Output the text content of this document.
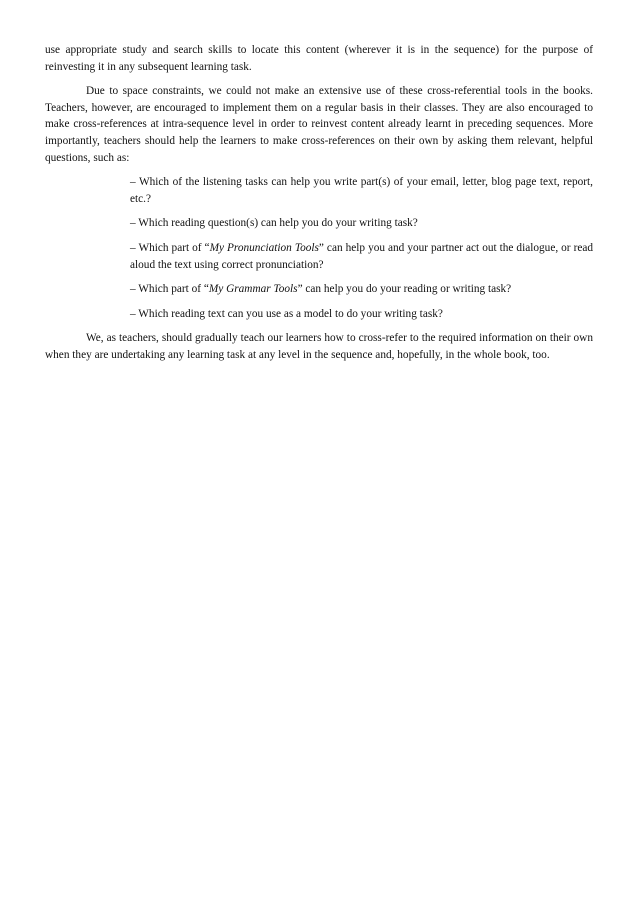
use appropriate study and search skills to locate this content (wherever it is in the sequence) for the purpose of reinvesting it in any subsequent learning task.

Due to space constraints, we could not make an extensive use of these cross-referential tools in the books. Teachers, however, are encouraged to implement them on a regular basis in their classes. They are also encouraged to make cross-references at intra-sequence level in order to reinvest content already learnt in preceding sequences. More importantly, teachers should help the learners to make cross-references on their own by asking them relevant, helpful questions, such as:

– Which of the listening tasks can help you write part(s) of your email, letter, blog page text, report, etc.?
– Which reading question(s) can help you do your writing task?
– Which part of “My Pronunciation Tools” can help you and your partner act out the dialogue, or read aloud the text using correct pronunciation?
– Which part of “My Grammar Tools” can help you do your reading or writing task?
– Which reading text can you use as a model to do your writing task?

We, as teachers, should gradually teach our learners how to cross-refer to the required information on their own when they are undertaking any learning task at any level in the sequence and, hopefully, in the whole book, too.
